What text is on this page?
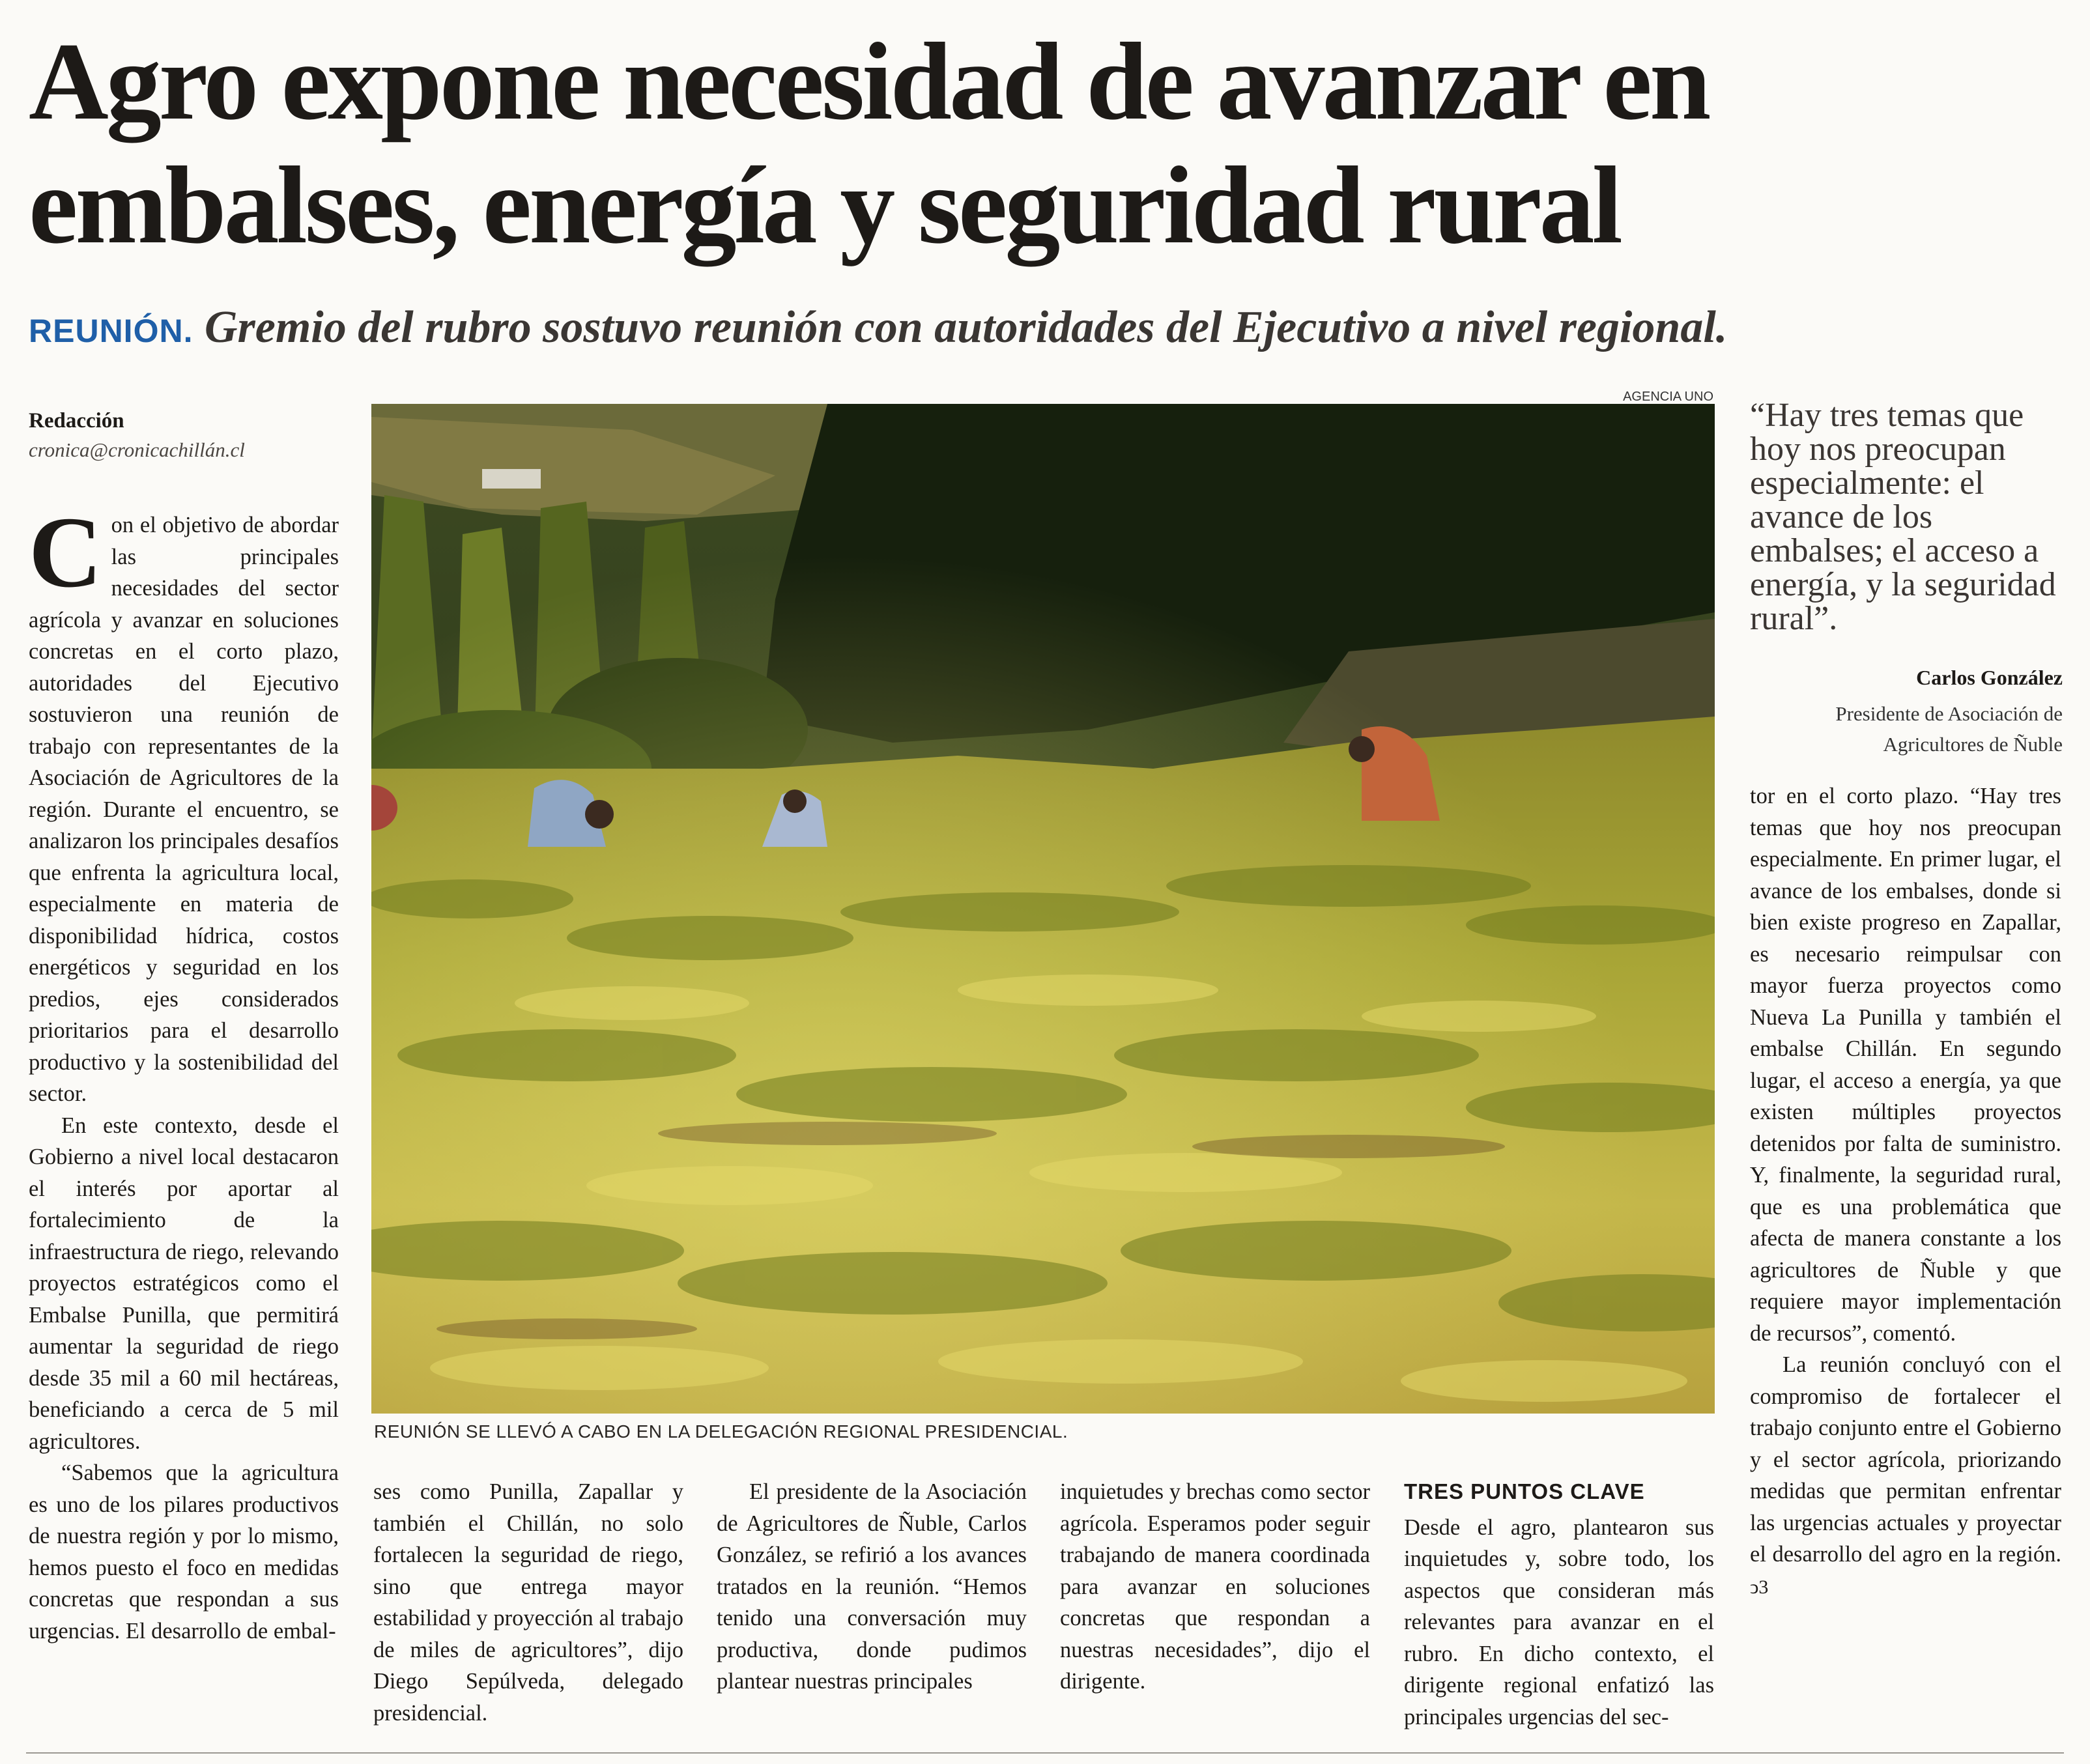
Agro expone necesidad de avanzar en embalses, energía y seguridad rural
REUNIÓN. Gremio del rubro sostuvo reunión con autoridades del Ejecutivo a nivel regional.
Redacción
cronica@cronicachillán.cl

Con el objetivo de abordar las principales necesidades del sector agrícola y avanzar en soluciones concretas en el corto plazo, autoridades del Ejecutivo sostuvieron una reunión de trabajo con representantes de la Asociación de Agricultores de la región. Durante el encuentro, se analizaron los principales desafíos que enfrenta la agricultura local, especialmente en materia de disponibilidad hídrica, costos energéticos y seguridad en los predios, ejes considerados prioritarios para el desarrollo productivo y la sostenibilidad del sector.

En este contexto, desde el Gobierno a nivel local destacaron el interés por aportar al fortalecimiento de la infraestructura de riego, relevando proyectos estratégicos como el Embalse Punilla, que permitirá aumentar la seguridad de riego desde 35 mil a 60 mil hectáreas, beneficiando a cerca de 5 mil agricultores.

“Sabemos que la agricultura es uno de los pilares productivos de nuestra región y por lo mismo, hemos puesto el foco en medidas concretas que respondan a sus urgencias. El desarrollo de embal-

AGENCIA UNO
REUNIÓN SE LLEVÓ A CABO EN LA DELEGACIÓN REGIONAL PRESIDENCIAL.
“Hay tres temas que hoy nos preocupan especialmente: el avance de los embalses; el acceso a energía, y la seguridad rural”.
Carlos González
Presidente de Asociación de Agricultores de Ñuble

ses como Punilla, Zapallar y también el Chillán, no solo fortalecen la seguridad de riego, sino que entrega mayor estabilidad y proyección al trabajo de miles de agricultores”, dijo Diego Sepúlveda, delegado presidencial.

El presidente de la Asociación de Agricultores de Ñuble, Carlos González, se refirió a los avances tratados en la reunión. “Hemos tenido una conversación muy productiva, donde pudimos plantear nuestras principales

inquietudes y brechas como sector agrícola. Esperamos poder seguir trabajando de manera coordinada para avanzar en soluciones concretas que respondan a nuestras necesidades”, dijo el dirigente.

TRES PUNTOS CLAVE

Desde el agro, plantearon sus inquietudes y, sobre todo, los aspectos que consideran más relevantes para avanzar en el rubro. En dicho contexto, el dirigente regional enfatizó las principales urgencias del sec-

tor en el corto plazo. “Hay tres temas que hoy nos preocupan especialmente. En primer lugar, el avance de los embalses, donde si bien existe progreso en Zapallar, es necesario reimpulsar con mayor fuerza proyectos como Nueva La Punilla y también el embalse Chillán. En segundo lugar, el acceso a energía, ya que existen múltiples proyectos detenidos por falta de suministro. Y, finalmente, la seguridad rural, que es una problemática que afecta de manera constante a los agricultores de Ñuble y que requiere mayor implementación de recursos”, comentó.

La reunión concluyó con el compromiso de fortalecer el trabajo conjunto entre el Gobierno y el sector agrícola, priorizando medidas que permitan enfrentar las urgencias actuales y proyectar el desarrollo del agro en la región. ↄ3
